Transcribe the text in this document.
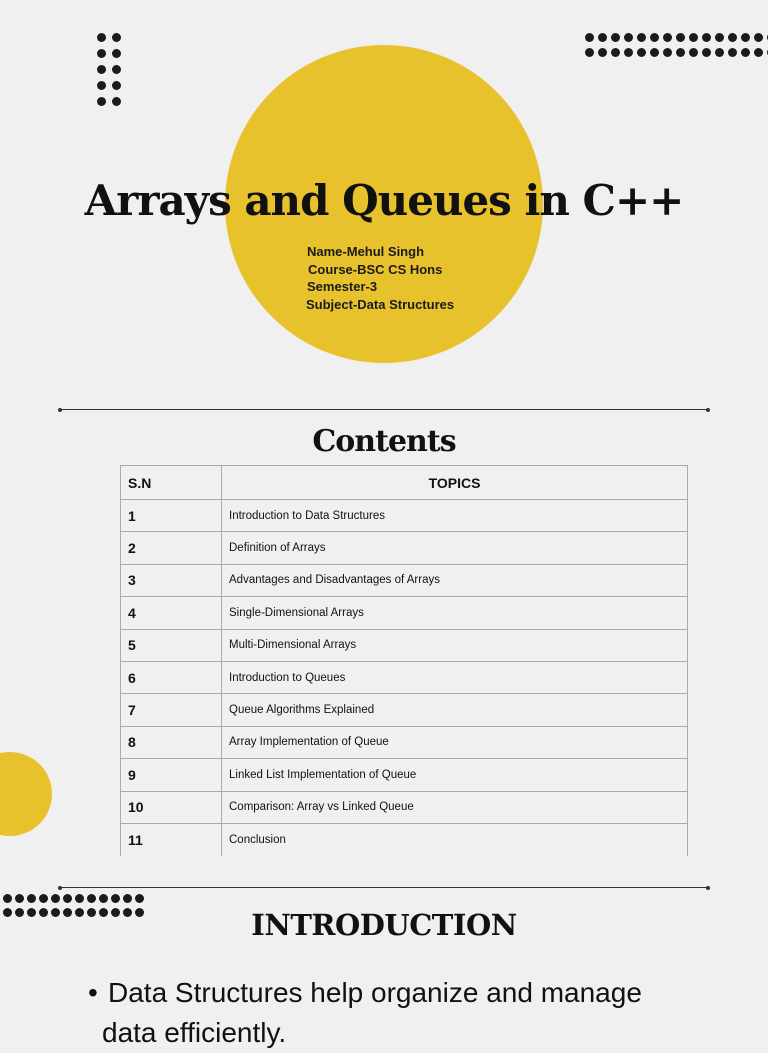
Arrays and Queues in C++
Name-Mehul Singh
Course-BSC CS Hons
Semester-3
Subject-Data Structures
Contents
S.N	TOPICS
1	Introduction to Data Structures
2	Definition of Arrays
3	Advantages and Disadvantages of Arrays
4	Single-Dimensional Arrays
5	Multi-Dimensional Arrays
6	Introduction to Queues
7	Queue Algorithms Explained
8	Array Implementation of Queue
9	Linked List Implementation of Queue
10	Comparison: Array vs Linked Queue
11	Conclusion
INTRODUCTION
• Data Structures help organize and manage
data efficiently.
